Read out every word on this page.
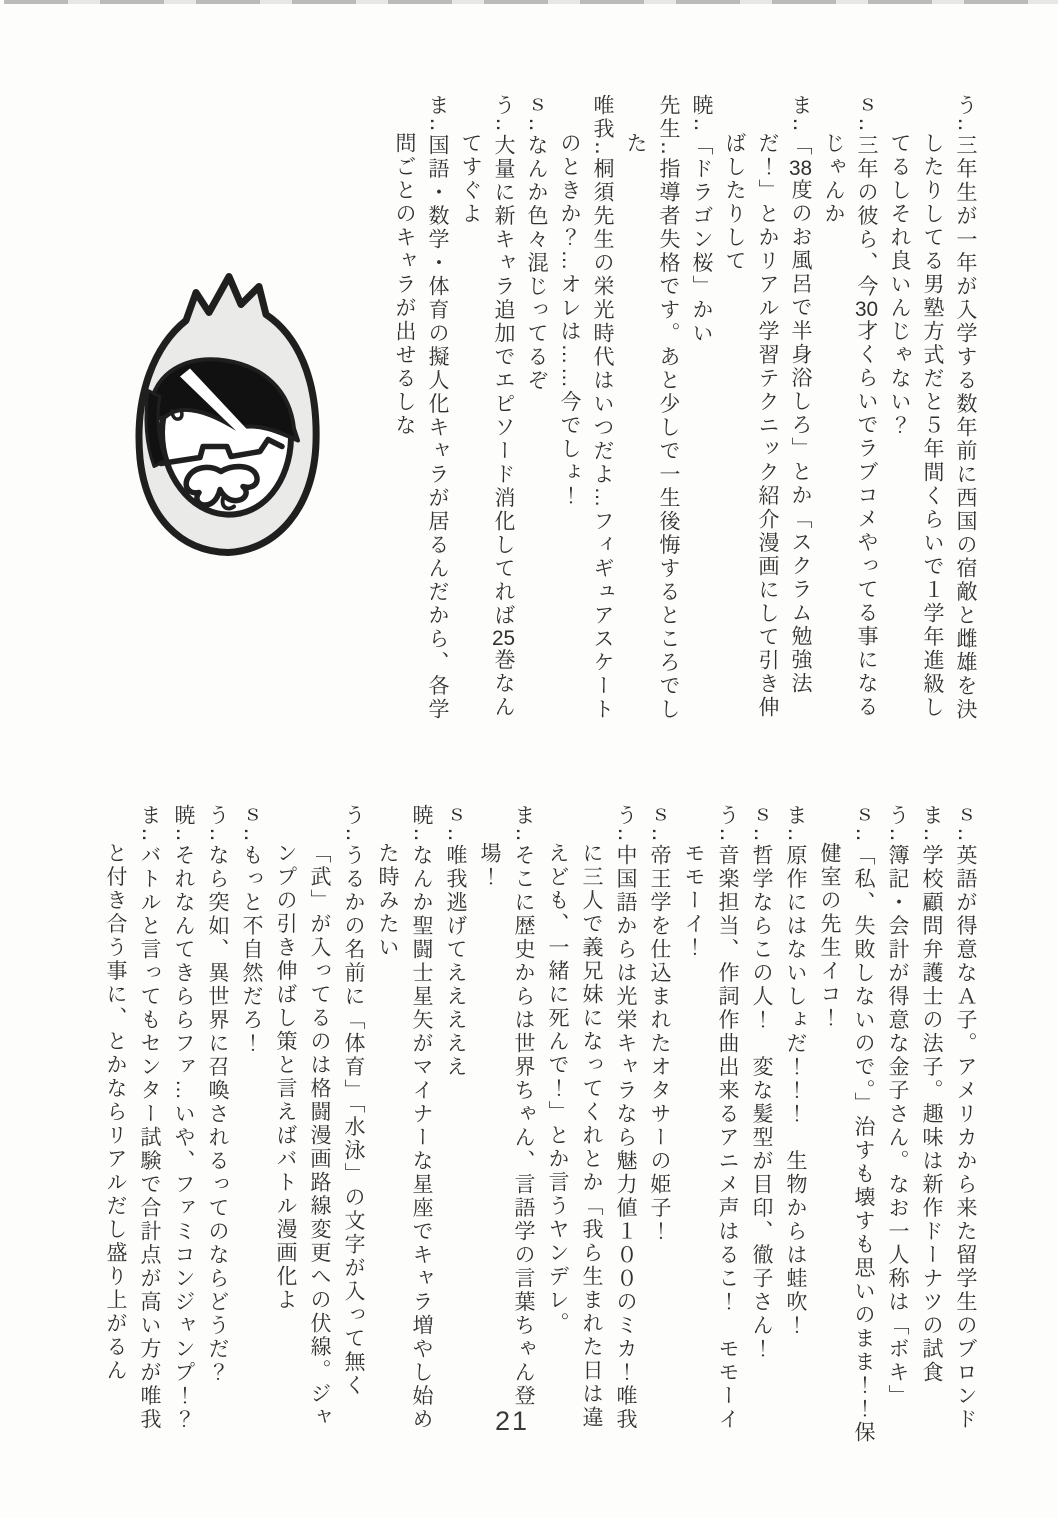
う‥三年生が一年が入学する数年前に西国の宿敵と雌雄を決したりしてる男塾方式だと５年間くらいで１学年進級してるしそれ良いんじゃない？

ｓ‥三年の彼ら、今30才くらいでラブコメやってる事になるじゃんか

ま‥「38度のお風呂で半身浴しろ」とか「スクラム勉強法だ！」とかリアル学習テクニック紹介漫画にして引き伸ばしたりして

暁‥「ドラゴン桜」かい

先生‥指導者失格です。あと少しで一生後悔するところでした

唯我‥桐須先生の栄光時代はいつだよ…フィギュアスケートのときか？…オレは……今でしょ！

ｓ‥なんか色々混じってるぞ

う‥大量に新キャラ追加でエピソード消化してれば25巻なんてすぐよ

ま‥国語・数学・体育の擬人化キャラが居るんだから、各学問ごとのキャラが出せるしな

ｓ‥英語が得意なＡ子。アメリカから来た留学生のブロンド

ま‥学校顧問弁護士の法子。趣味は新作ドーナツの試食

う‥簿記・会計が得意な金子さん。なお一人称は「ボキ」

ｓ‥「私、失敗しないので。」治すも壊すも思いのまま！！保健室の先生イコ！

ま‥原作にはないしょだ！！！　生物からは蛙吹！

ｓ‥哲学ならこの人！　変な髪型が目印、徹子さん！

う‥音楽担当、作詞作曲出来るアニメ声はるこ！　モモーイモモーイ！

ｓ‥帝王学を仕込まれたオタサーの姫子！

う‥中国語からは光栄キャラなら魅力値１００のミカ！唯我に三人で義兄妹になってくれとか「我ら生まれた日は違えども、一緒に死んで！」とか言うヤンデレ。

ま‥そこに歴史からは世界ちゃん、言語学の言葉ちゃん登場！

ｓ‥唯我逃げてえええええ

暁‥なんか聖闘士星矢がマイナーな星座でキャラ増やし始めた時みたい

う‥うるかの名前に「体育」「水泳」の文字が入って無く「武」が入ってるのは格闘漫画路線変更への伏線。ジャンプの引き伸ばし策と言えばバトル漫画化よ

ｓ‥もっと不自然だろ！

う‥なら突如、異世界に召喚されるってのならどうだ？

暁‥それなんてきららファ…いや、ファミコンジャンプ！？

ま‥バトルと言ってもセンター試験で合計点が高い方が唯我と付き合う事に、とかならリアルだし盛り上がるん

21
